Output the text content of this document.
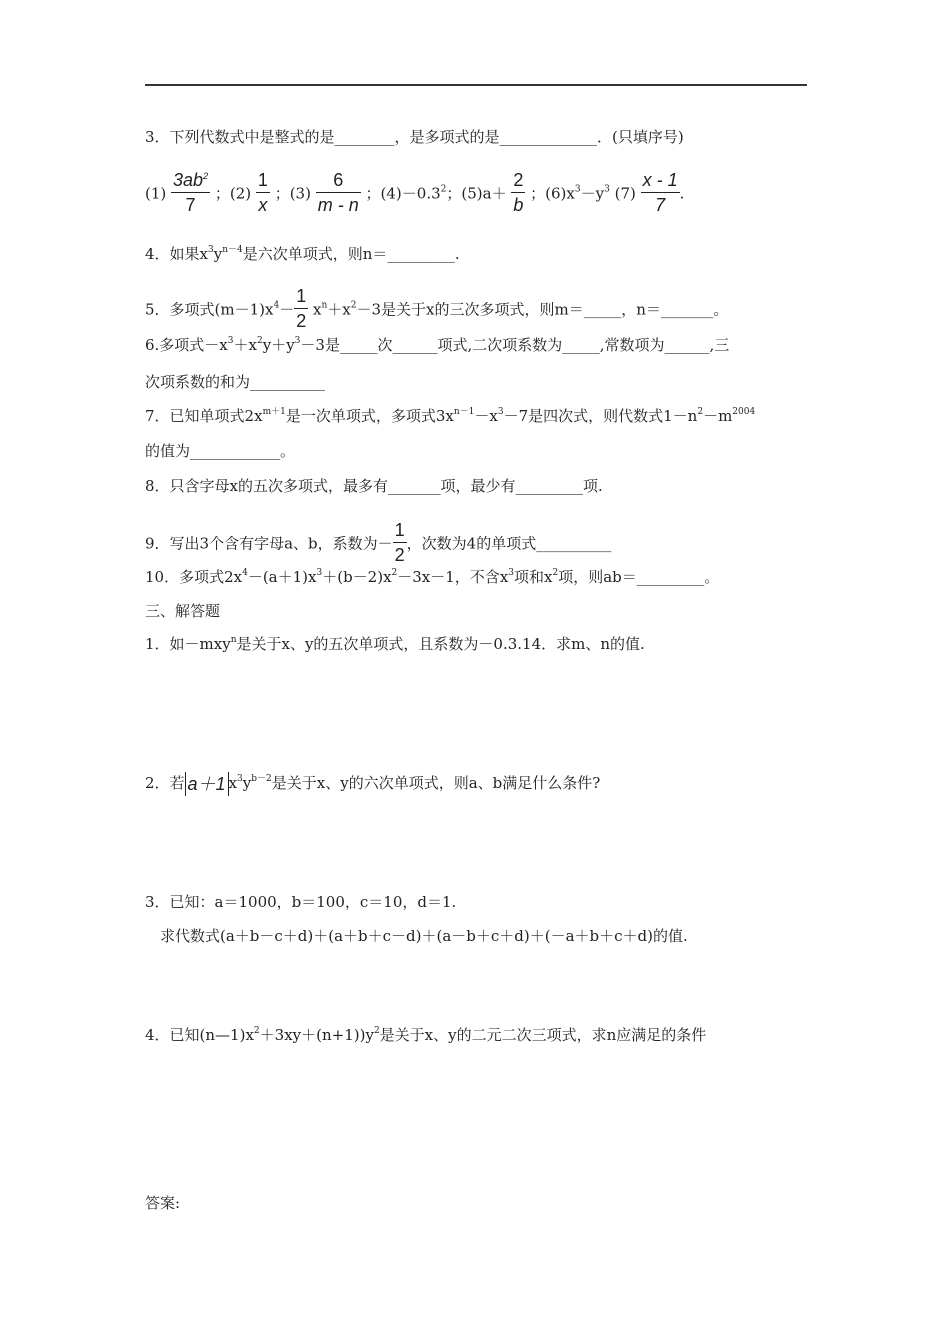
3．下列代数式中是整式的是________，是多项式的是_____________．(只填序号)
$(1) \frac{3ab^2}{7}$ ；$(2) \frac{1}{x}$ ；$(3) \frac{6}{m - n}$ ；$(4)-0.3^2$；$(5)a+ \frac{2}{b}$ ；$(6)x^3-y^3$ $(7) \frac{x - 1}{7}$ .
4．如果$x^3y^{n-4}$是六次单项式，则n＝_________.
5．多项式$(m-1)x^4- \frac{1}{2} x^n+x^2-3$是关于x的三次多项式，则m＝_____，n＝_______。
6.多项式$-x^3+x^2y+y^3-3$是_____次______项式,二次项系数为_____,常数项为______,三
次项系数的和为__________
7．已知单项式$2x^{m+1}$是一次单项式，多项式$3x^{n-1}-x^3-7$是四次式，则代数式$1-n^2-m^{2004}$
的值为____________。
8．只含字母x的五次多项式，最多有_______项，最少有_________项.
9．写出3个含有字母a、b，系数为－ $\frac{1}{2}$ ，次数为4的单项式__________
10．多项式$2x^4-(a+1)x^3+(b-2)x^2-3x-1$，不含$x^3$项和$x^2$项，则ab＝_________。
三、解答题
1．如－mxy$^n$是关于x、y的五次单项式，且系数为－0.3.14．求m、n的值.
2．若 a＋1 $x^3y^{b-2}$是关于x、y的六次单项式，则a、b满足什么条件?
3．已知：a＝1000，b＝100，c＝10，d＝1.
求代数式(a＋b－c＋d)＋(a＋b＋c－d)＋(a－b＋c＋d)＋(－a＋b＋c＋d)的值.
4．已知$(n—1)x^2+3xy+(n+1))y^2$是关于x、y的二元二次三项式，求n应满足的条件
答案:
